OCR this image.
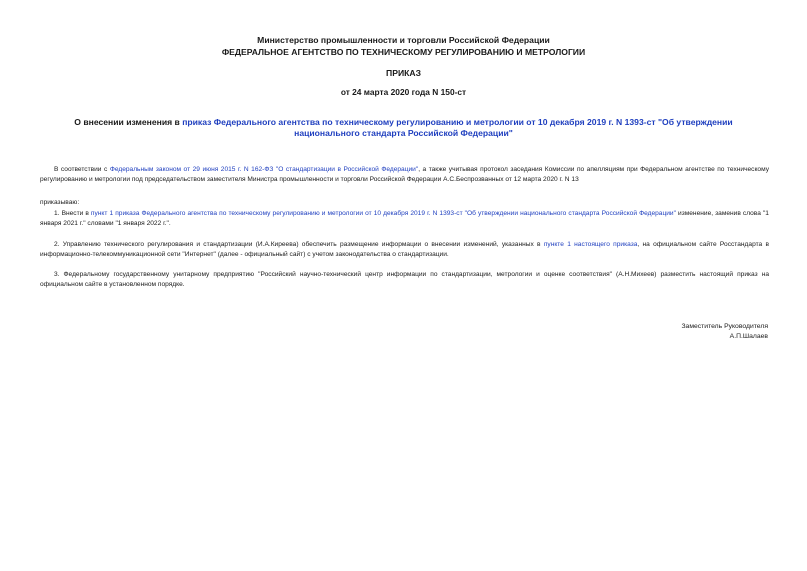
Министерство промышленности и торговли Российской Федерации
ФЕДЕРАЛЬНОЕ АГЕНТСТВО ПО ТЕХНИЧЕСКОМУ РЕГУЛИРОВАНИЮ И МЕТРОЛОГИИ
ПРИКАЗ
от 24 марта 2020 года N 150-ст
О внесении изменения в приказ Федерального агентства по техническому регулированию и метрологии от 10 декабря 2019 г. N 1393-ст "Об утверждении национального стандарта Российской Федерации"
В соответствии с Федеральным законом от 29 июня 2015 г. N 162-ФЗ "О стандартизации в Российской Федерации", а также учитывая протокол заседания Комиссии по апелляциям при Федеральном агентстве по техническому регулированию и метрологии под председательством заместителя Министра промышленности и торговли Российской Федерации А.С.Беспрозванных от 12 марта 2020 г. N 13
приказываю:
1. Внести в пункт 1 приказа Федерального агентства по техническому регулированию и метрологии от 10 декабря 2019 г. N 1393-ст "Об утверждении национального стандарта Российской Федерации" изменение, заменив слова "1 января 2021 г." словами "1 января 2022 г.".
2. Управлению технического регулирования и стандартизации (И.А.Киреева) обеспечить размещение информации о внесении изменений, указанных в пункте 1 настоящего приказа, на официальном сайте Росстандарта в информационно-телекоммуникационной сети "Интернет" (далее - официальный сайт) с учетом законодательства о стандартизации.
3. Федеральному государственному унитарному предприятию "Российский научно-технический центр информации по стандартизации, метрологии и оценке соответствия" (А.Н.Михеев) разместить настоящий приказ на официальном сайте в установленном порядке.
Заместитель Руководителя
А.П.Шалаев
